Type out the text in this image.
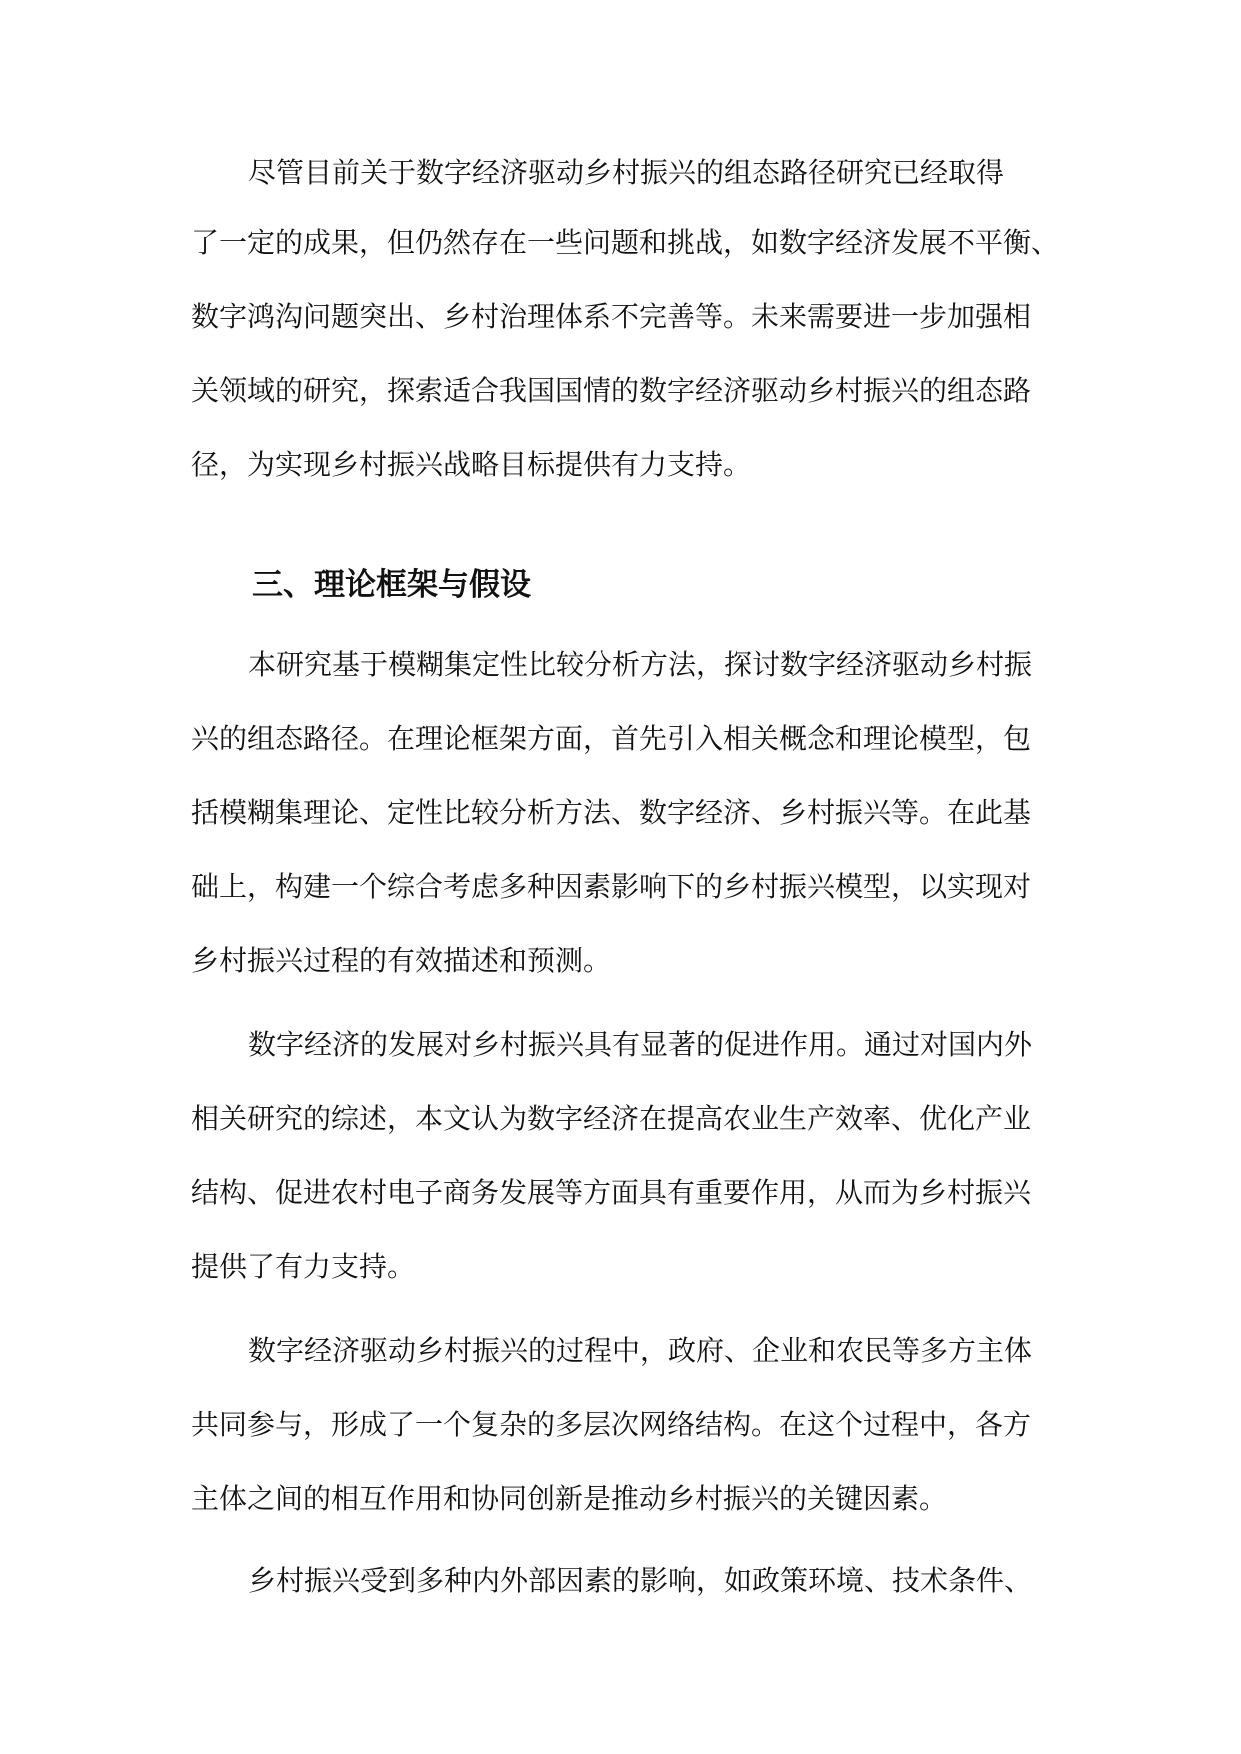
尽管目前关于数字经济驱动乡村振兴的组态路径研究已经取得
了一定的成果，但仍然存在一些问题和挑战，如数字经济发展不平衡、
数字鸿沟问题突出、乡村治理体系不完善等。未来需要进一步加强相
关领域的研究，探索适合我国国情的数字经济驱动乡村振兴的组态路
径，为实现乡村振兴战略目标提供有力支持。
三、理论框架与假设
本研究基于模糊集定性比较分析方法，探讨数字经济驱动乡村振
兴的组态路径。在理论框架方面，首先引入相关概念和理论模型，包
括模糊集理论、定性比较分析方法、数字经济、乡村振兴等。在此基
础上，构建一个综合考虑多种因素影响下的乡村振兴模型，以实现对
乡村振兴过程的有效描述和预测。
数字经济的发展对乡村振兴具有显著的促进作用。通过对国内外
相关研究的综述，本文认为数字经济在提高农业生产效率、优化产业
结构、促进农村电子商务发展等方面具有重要作用，从而为乡村振兴
提供了有力支持。
数字经济驱动乡村振兴的过程中，政府、企业和农民等多方主体
共同参与，形成了一个复杂的多层次网络结构。在这个过程中，各方
主体之间的相互作用和协同创新是推动乡村振兴的关键因素。
乡村振兴受到多种内外部因素的影响，如政策环境、技术条件、
